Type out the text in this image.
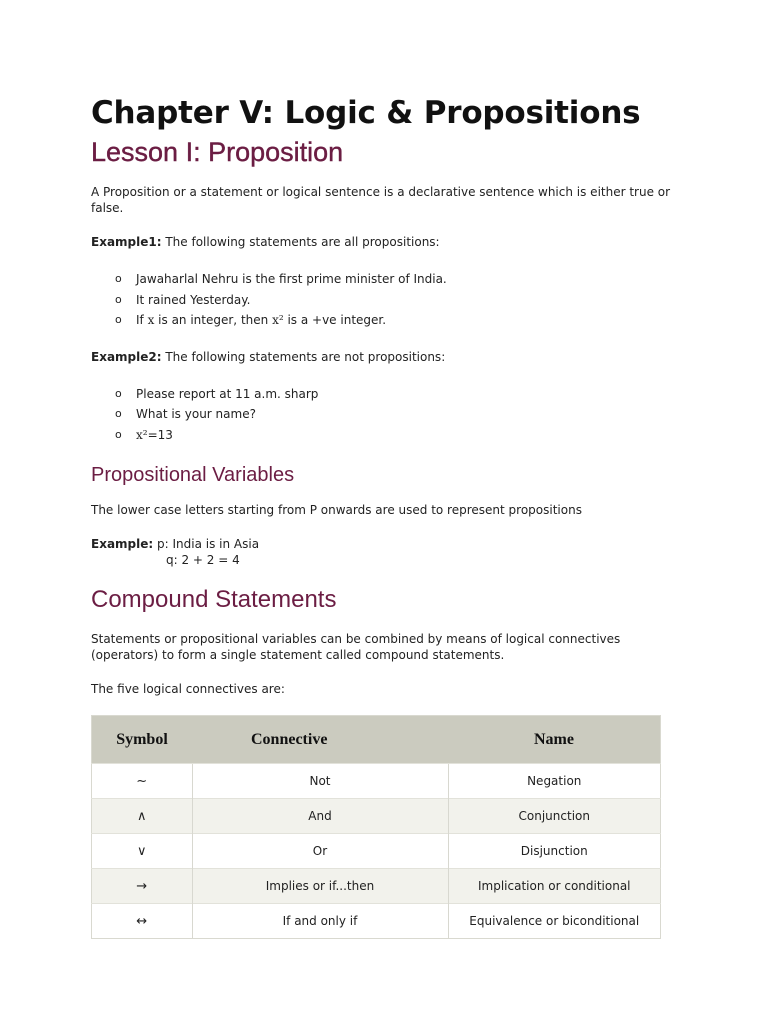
Chapter V: Logic & Propositions
Lesson I: Proposition

A Proposition or a statement or logical sentence is a declarative sentence which is either true or false.

Example1: The following statements are all propositions:

o Jawaharlal Nehru is the first prime minister of India.
o It rained Yesterday.
o If x is an integer, then x² is a +ve integer.

Example2: The following statements are not propositions:

o Please report at 11 a.m. sharp
o What is your name?
o x²=13
Propositional Variables

The lower case letters starting from P onwards are used to represent propositions

Example: p: India is in Asia

q: 2 + 2 = 4

Compound Statements

Statements or propositional variables can be combined by means of logical connectives (operators) to form a single statement called compound statements.

The five logical connectives are:

Symbol	Connective	Name
~	Not	Negation
∧	And	Conjunction
∨	Or	Disjunction
→	Implies or if...then	Implication or conditional
↔	If and only if	Equivalence or biconditional
